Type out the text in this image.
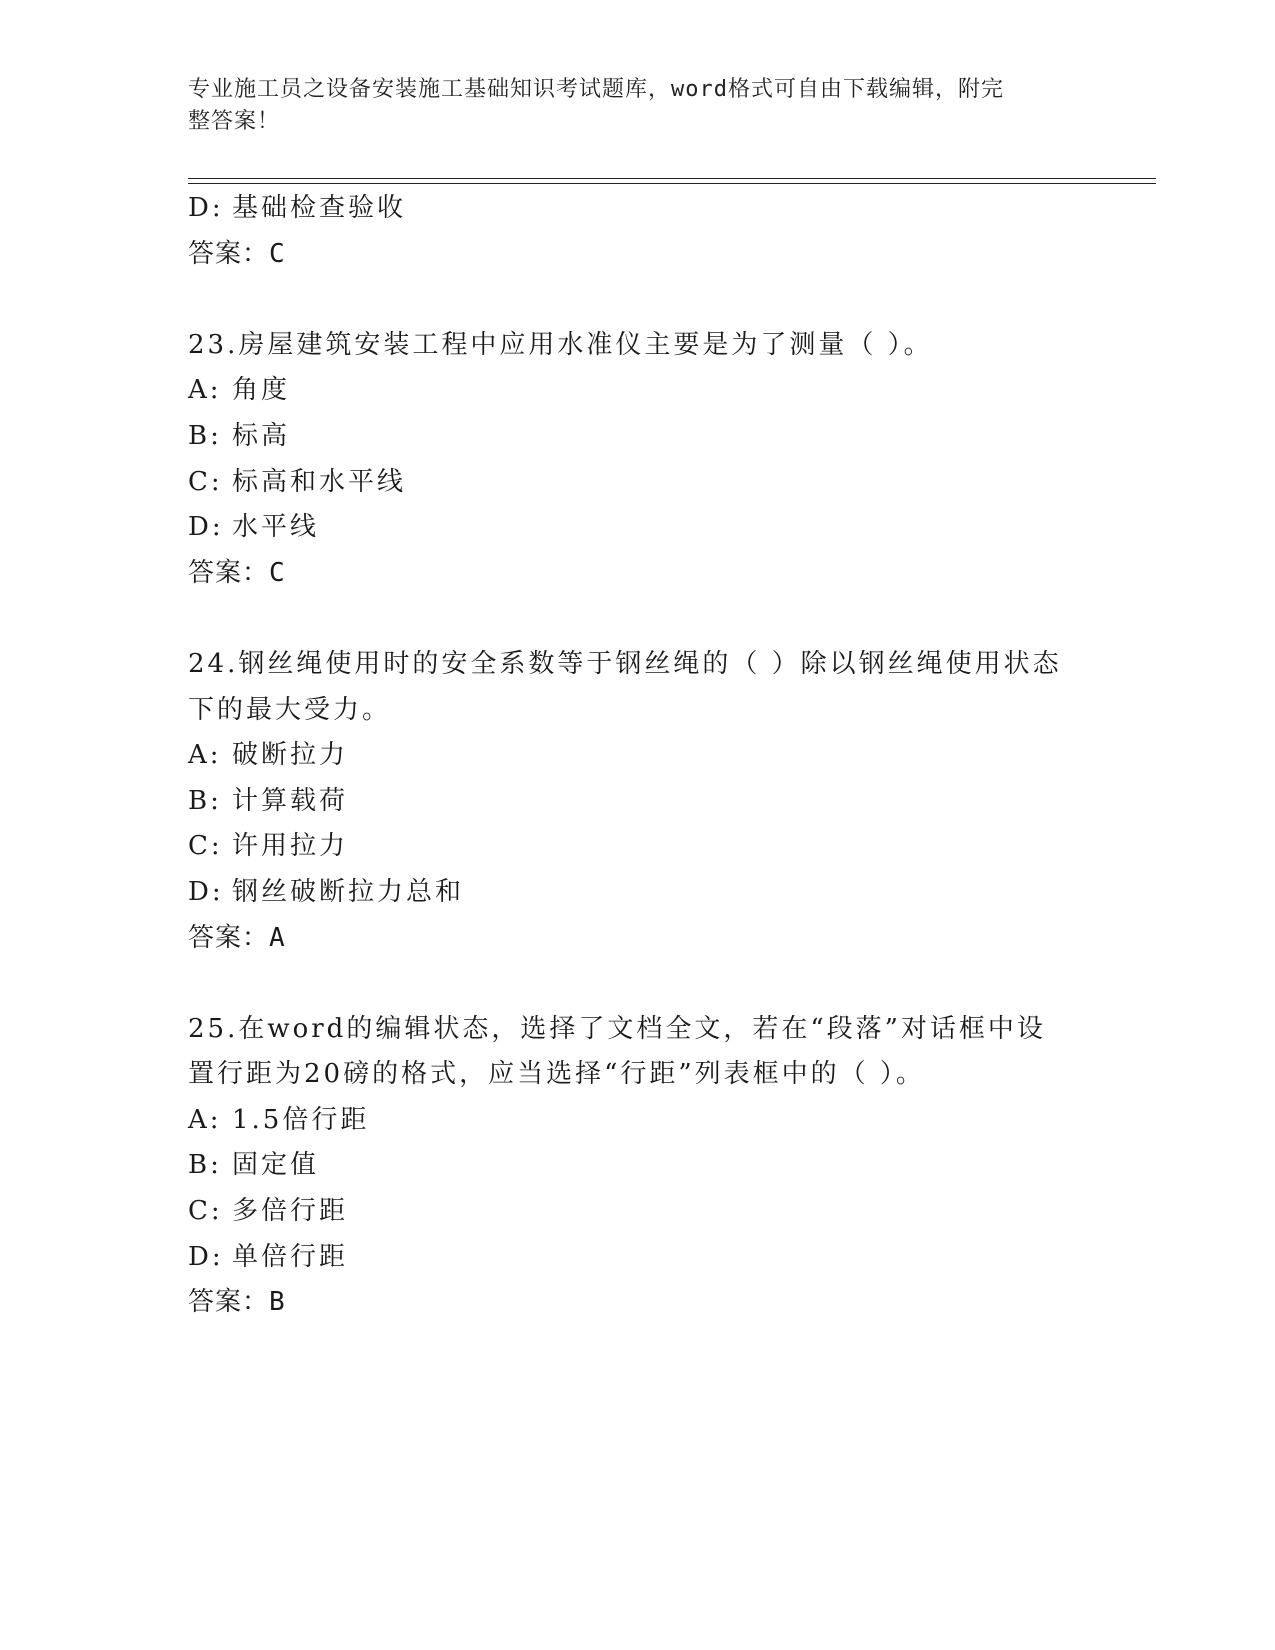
专业施工员之设备安装施工基础知识考试题库，word格式可自由下载编辑，附完
整答案！
D: 基础检查验收
答案：C
23.房屋建筑安装工程中应用水准仪主要是为了测量（ ）。
A: 角度
B: 标高
C: 标高和水平线
D: 水平线
答案：C
24.钢丝绳使用时的安全系数等于钢丝绳的（ ）除以钢丝绳使用状态
下的最大受力。
A: 破断拉力
B: 计算载荷
C: 许用拉力
D: 钢丝破断拉力总和
答案：A
25.在word的编辑状态，选择了文档全文，若在“段落”对话框中设
置行距为20磅的格式，应当选择“行距”列表框中的（ ）。
A: 1.5倍行距
B: 固定值
C: 多倍行距
D: 单倍行距
答案：B
